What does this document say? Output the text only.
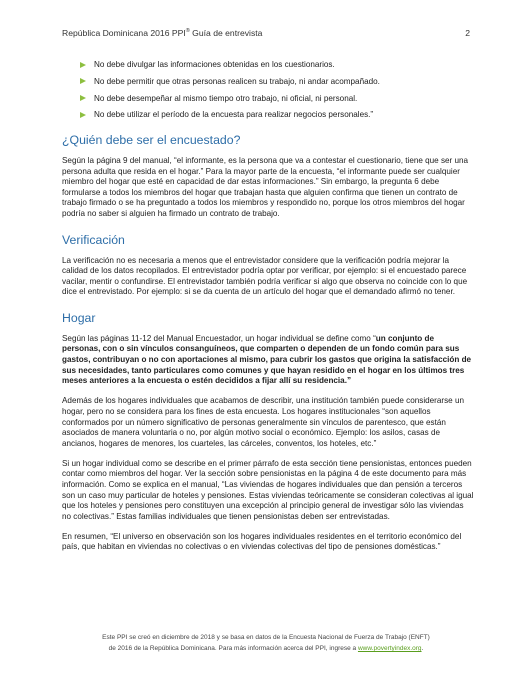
República Dominicana 2016 PPI® Guía de entrevista	2
No debe divulgar las informaciones obtenidas en los cuestionarios.
No debe permitir que otras personas realicen su trabajo, ni andar acompañado.
No debe desempeñar al mismo tiempo otro trabajo, ni oficial, ni personal.
No debe utilizar el período de la encuesta para realizar negocios personales.”
¿Quién debe ser el encuestado?

Según la página 9 del manual, “el informante, es la persona que va a contestar el cuestionario, tiene que ser una persona adulta que resida en el hogar.” Para la mayor parte de la encuesta, “el informante puede ser cualquier miembro del hogar que esté en capacidad de dar estas informaciones.” Sin embargo, la pregunta 6 debe formularse a todos los miembros del hogar que trabajan hasta que alguien confirma que tienen un contrato de trabajo firmado o se ha preguntado a todos los miembros y respondido no, porque los otros miembros del hogar podría no saber si alguien ha firmado un contrato de trabajo.

Verificación

La verificación no es necesaria a menos que el entrevistador considere que la verificación podría mejorar la calidad de los datos recopilados. El entrevistador podría optar por verificar, por ejemplo: si el encuestado parece vacilar, mentir o confundirse. El entrevistador también podría verificar si algo que observa no coincide con lo que dice el entrevistado. Por ejemplo: si se da cuenta de un artículo del hogar que el demandado afirmó no tener.

Hogar

Según las páginas 11-12 del Manual Encuestador, un hogar individual se define como “un conjunto de personas, con o sin vínculos consanguíneos, que comparten o dependen de un fondo común para sus gastos, contribuyan o no con aportaciones al mismo, para cubrir los gastos que origina la satisfacción de sus necesidades, tanto particulares como comunes y que hayan residido en el hogar en los últimos tres meses anteriores a la encuesta o estén decididos a fijar allí su residencia.”

Además de los hogares individuales que acabamos de describir, una institución también puede considerarse un hogar, pero no se considera para los fines de esta encuesta. Los hogares institucionales “son aquellos conformados por un número significativo de personas generalmente sin vínculos de parentesco, que están asociados de manera voluntaria o no, por algún motivo social o económico. Ejemplo: los asilos, casas de ancianos, hogares de menores, los cuarteles, las cárceles, conventos, los hoteles, etc.”

Si un hogar individual como se describe en el primer párrafo de esta sección tiene pensionistas, entonces pueden contar como miembros del hogar. Ver la sección sobre pensionistas en la página 4 de este documento para más información. Como se explica en el manual, “Las viviendas de hogares individuales que dan pensión a terceros son un caso muy particular de hoteles y pensiones. Estas viviendas teóricamente se consideran colectivas al igual que los hoteles y pensiones pero constituyen una excepción al principio general de investigar sólo las viviendas no colectivas.” Estas familias individuales que tienen pensionistas deben ser entrevistadas.

En resumen, “El universo en observación son los hogares individuales residentes en el territorio económico del país, que habitan en viviendas no colectivas o en viviendas colectivas del tipo de pensiones domésticas.”

Este PPI se creó en diciembre de 2018 y se basa en datos de la Encuesta Nacional de Fuerza de Trabajo (ENFT)
de 2016 de la República Dominicana. Para más información acerca del PPI, ingrese a www.povertyindex.org.
